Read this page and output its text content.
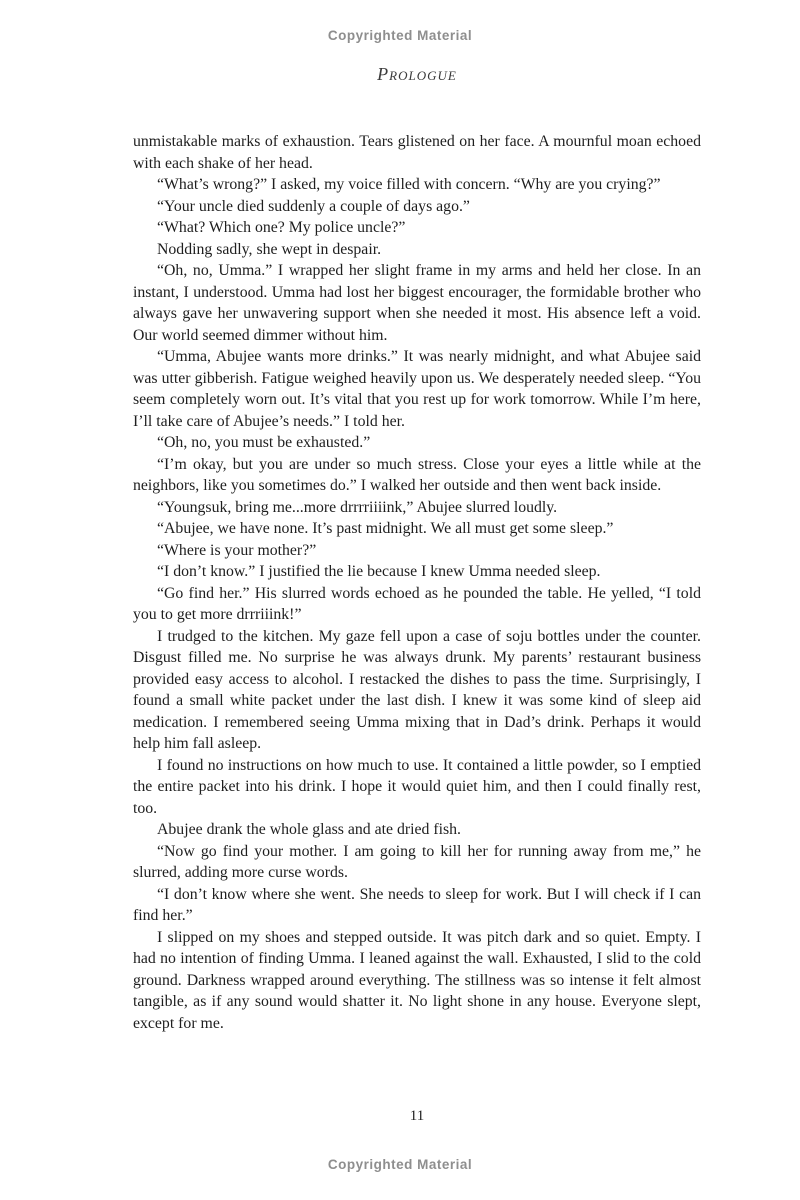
Copyrighted Material
Prologue

unmistakable marks of exhaustion. Tears glistened on her face. A mournful moan echoed with each shake of her head.

“What’s wrong?” I asked, my voice filled with concern. “Why are you crying?”

“Your uncle died suddenly a couple of days ago.”

“What? Which one? My police uncle?”

Nodding sadly, she wept in despair.

“Oh, no, Umma.” I wrapped her slight frame in my arms and held her close. In an instant, I understood. Umma had lost her biggest encourager, the formidable brother who always gave her unwavering support when she needed it most. His absence left a void. Our world seemed dimmer without him.

“Umma, Abujee wants more drinks.” It was nearly midnight, and what Abujee said was utter gibberish. Fatigue weighed heavily upon us. We desperately needed sleep. “You seem completely worn out. It’s vital that you rest up for work tomorrow. While I’m here, I’ll take care of Abujee’s needs.” I told her.

“Oh, no, you must be exhausted.”

“I’m okay, but you are under so much stress. Close your eyes a little while at the neighbors, like you sometimes do.” I walked her outside and then went back inside.

“Youngsuk, bring me...more drrrriiiink,” Abujee slurred loudly.

“Abujee, we have none. It’s past midnight. We all must get some sleep.”

“Where is your mother?”

“I don’t know.” I justified the lie because I knew Umma needed sleep.

“Go find her.” His slurred words echoed as he pounded the table. He yelled, “I told you to get more drrriiink!”

I trudged to the kitchen. My gaze fell upon a case of soju bottles under the counter. Disgust filled me. No surprise he was always drunk. My parents’ restaurant business provided easy access to alcohol. I restacked the dishes to pass the time. Surprisingly, I found a small white packet under the last dish. I knew it was some kind of sleep aid medication. I remembered seeing Umma mixing that in Dad’s drink. Perhaps it would help him fall asleep.

I found no instructions on how much to use. It contained a little powder, so I emptied the entire packet into his drink. I hope it would quiet him, and then I could finally rest, too.

Abujee drank the whole glass and ate dried fish.

“Now go find your mother. I am going to kill her for running away from me,” he slurred, adding more curse words.

“I don’t know where she went. She needs to sleep for work. But I will check if I can find her.”

I slipped on my shoes and stepped outside. It was pitch dark and so quiet. Empty. I had no intention of finding Umma. I leaned against the wall. Exhausted, I slid to the cold ground. Darkness wrapped around everything. The stillness was so intense it felt almost tangible, as if any sound would shatter it. No light shone in any house. Everyone slept, except for me.

11
Copyrighted Material
